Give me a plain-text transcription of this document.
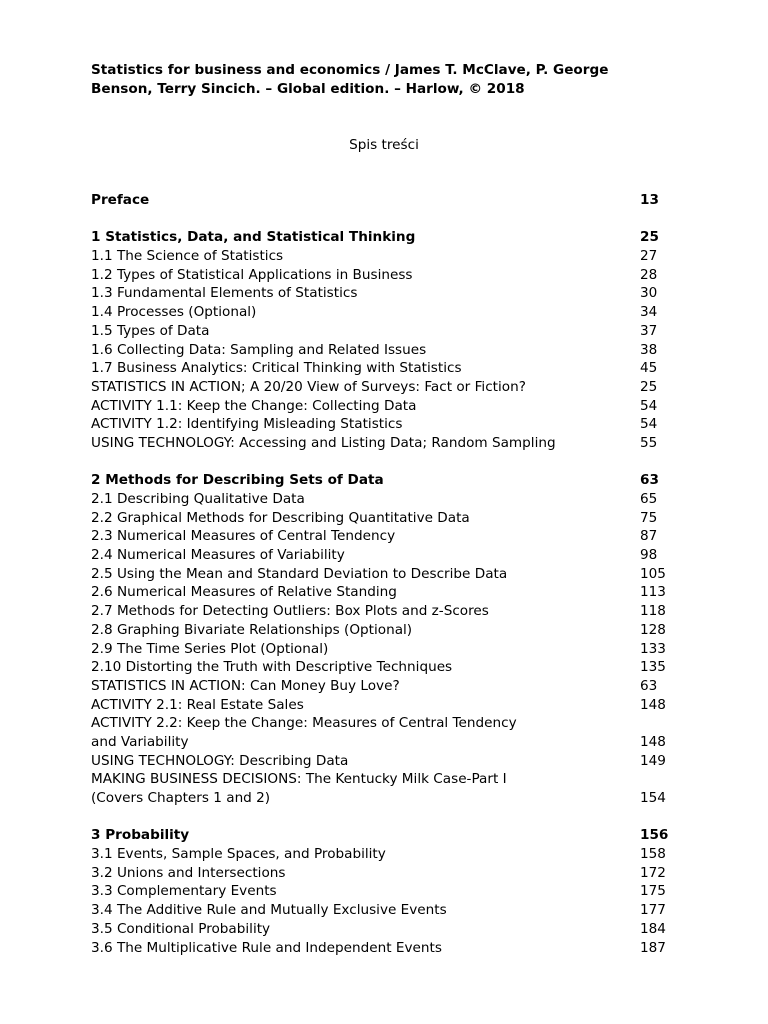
Statistics for business and economics / James T. McClave, P. George
Benson, Terry Sincich. – Global edition. – Harlow, © 2018
Spis treści
Preface	13
1 Statistics, Data, and Statistical Thinking	25
1.1 The Science of Statistics	27
1.2 Types of Statistical Applications in Business	28
1.3 Fundamental Elements of Statistics	30
1.4 Processes (Optional)	34
1.5 Types of Data	37
1.6 Collecting Data: Sampling and Related Issues	38
1.7 Business Analytics: Critical Thinking with Statistics	45
STATISTICS IN ACTION; A 20/20 View of Surveys: Fact or Fiction?	25
ACTIVITY 1.1: Keep the Change: Collecting Data	54
ACTIVITY 1.2: Identifying Misleading Statistics	54
USING TECHNOLOGY: Accessing and Listing Data; Random Sampling	55
2 Methods for Describing Sets of Data	63
2.1 Describing Qualitative Data	65
2.2 Graphical Methods for Describing Quantitative Data	75
2.3 Numerical Measures of Central Tendency	87
2.4 Numerical Measures of Variability	98
2.5 Using the Mean and Standard Deviation to Describe Data	105
2.6 Numerical Measures of Relative Standing	113
2.7 Methods for Detecting Outliers: Box Plots and z-Scores	118
2.8 Graphing Bivariate Relationships (Optional)	128
2.9 The Time Series Plot (Optional)	133
2.10 Distorting the Truth with Descriptive Techniques	135
STATISTICS IN ACTION: Can Money Buy Love?	63
ACTIVITY 2.1: Real Estate Sales	148
ACTIVITY 2.2: Keep the Change: Measures of Central Tendency
and Variability	148
USING TECHNOLOGY: Describing Data	149
MAKING BUSINESS DECISIONS: The Kentucky Milk Case-Part I
(Covers Chapters 1 and 2)	154
3 Probability	156
3.1 Events, Sample Spaces, and Probability	158
3.2 Unions and Intersections	172
3.3 Complementary Events	175
3.4 The Additive Rule and Mutually Exclusive Events	177
3.5 Conditional Probability	184
3.6 The Multiplicative Rule and Independent Events	187
